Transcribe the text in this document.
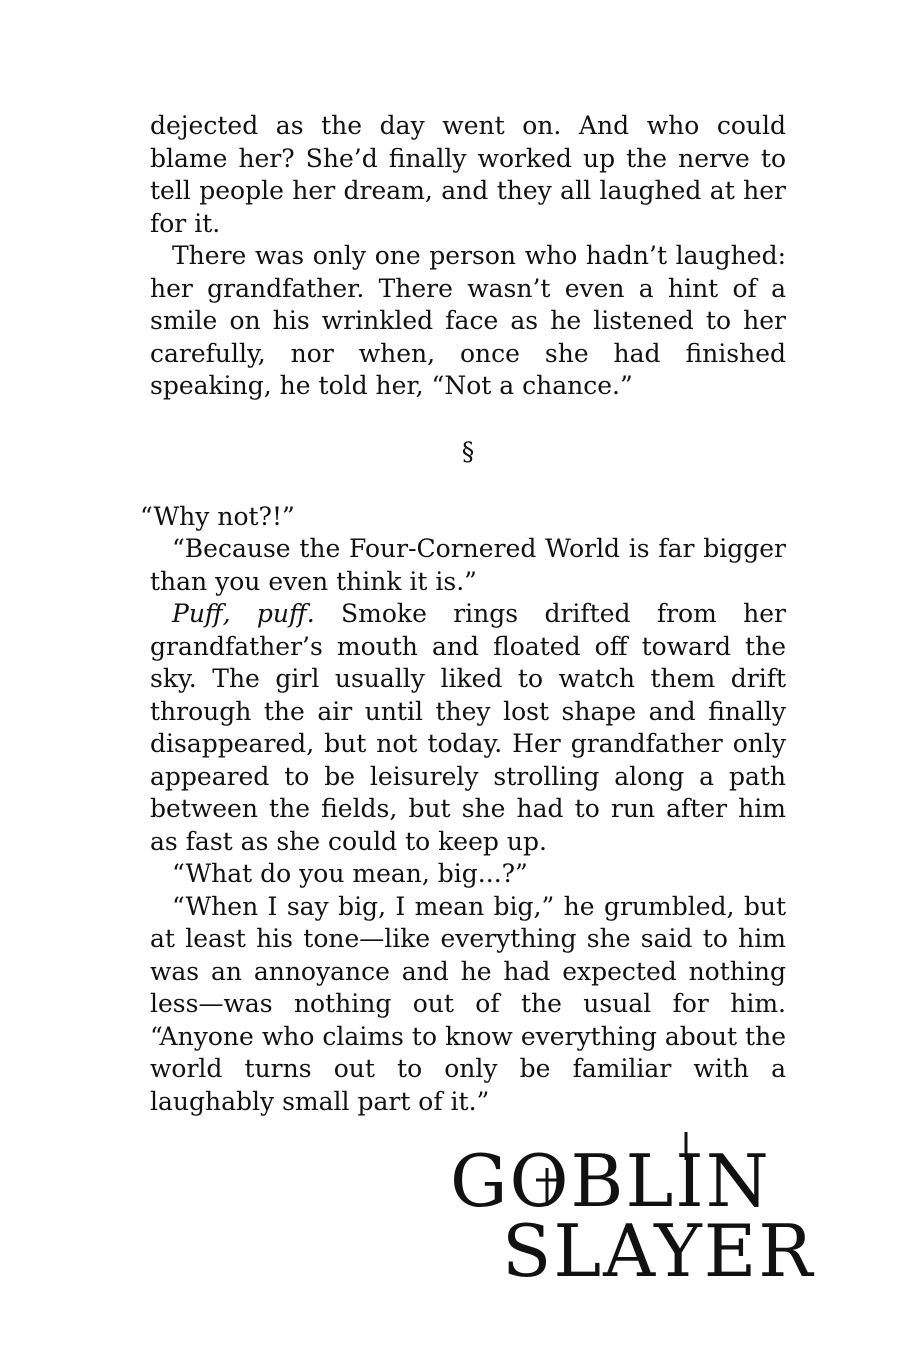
dejected as the day went on. And who could blame her? She’d finally worked up the nerve to tell people her dream, and they all laughed at her for it.

There was only one person who hadn’t laughed: her grandfather. There wasn’t even a hint of a smile on his wrinkled face as he listened to her carefully, nor when, once she had finished speaking, he told her, “Not a chance.”

§

“Why not?!”

“Because the Four-Cornered World is far bigger than you even think it is.”

Puff, puff. Smoke rings drifted from her grandfather’s mouth and floated off toward the sky. The girl usually liked to watch them drift through the air until they lost shape and finally disappeared, but not today. Her grandfather only appeared to be leisurely strolling along a path between the fields, but she had to run after him as fast as she could to keep up.

“What do you mean, big...?”

“When I say big, I mean big,” he grumbled, but at least his tone—like everything she said to him was an annoyance and he had expected nothing less—was nothing out of the usual for him. “Anyone who claims to know everything about the world turns out to only be familiar with a laughably small part of it.”

GOBLIN
SLAYER
